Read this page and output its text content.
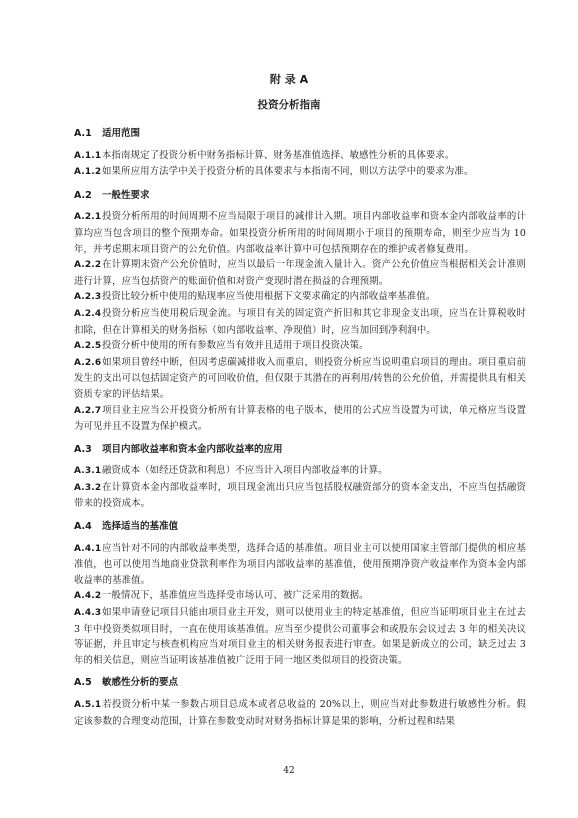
附 录 A
投资分析指南
A.1 适用范围

A.1.1本指南规定了投资分析中财务指标计算、财务基准值选择、敏感性分析的具体要求。

A.1.2如果所应用方法学中关于投资分析的具体要求与本指南不同，则以方法学中的要求为准。

A.2 一般性要求

A.2.1投资分析所用的时间周期不应当局限于项目的减排计入期。项目内部收益率和资本金内部收益率的计算均应当包含项目的整个预期寿命。如果投资分析所用的时间周期小于项目的预期寿命，则至少应当为 10 年，并考虑期末项目资产的公允价值。内部收益率计算中可包括预期存在的维护或者修复费用。

A.2.2在计算期末资产公允价值时，应当以最后一年现金流入量计入。资产公允价值应当根据相关会计准则进行计算，应当包括资产的账面价值和对资产变现时潜在损益的合理预期。

A.2.3投资比较分析中使用的贴现率应当使用根据下文要求确定的内部收益率基准值。

A.2.4投资分析应当使用税后现金流。与项目有关的固定资产折旧和其它非现金支出项，应当在计算税收时扣除，但在计算相关的财务指标（如内部收益率、净现值）时，应当加回到净利润中。

A.2.5投资分析中使用的所有参数应当有效并且适用于项目投资决策。

A.2.6如果项目曾经中断，但因考虑碳减排收入而重启，则投资分析应当说明重启项目的理由。项目重启前发生的支出可以包括固定资产的可回收价值，但仅限于其潜在的再利用/转售的公允价值，并需提供具有相关资质专家的评估结果。

A.2.7项目业主应当公开投资分析所有计算表格的电子版本，使用的公式应当设置为可读，单元格应当设置为可见并且不设置为保护模式。

A.3 项目内部收益率和资本金内部收益率的应用

A.3.1融资成本（如经还贷款和利息）不应当计入项目内部收益率的计算。

A.3.2在计算资本金内部收益率时，项目现金流出只应当包括股权融资部分的资本金支出，不应当包括融资带来的投资成本。

A.4 选择适当的基准值

A.4.1应当针对不同的内部收益率类型，选择合适的基准值。项目业主可以使用国家主管部门提供的相应基准值，也可以使用当地商业贷款利率作为项目内部收益率的基准值，使用预期净资产收益率作为资本金内部收益率的基准值。

A.4.2一般情况下，基准值应当选择受市场认可、被广泛采用的数据。

A.4.3如果申请登记项目只能由项目业主开发，则可以使用业主的特定基准值，但应当证明项目业主在过去 3 年中投资类似项目时，一直在使用该基准值。应当至少提供公司董事会和或股东会议过去 3 年的相关决议等证据，并且审定与核查机构应当对项目业主的相关财务报表进行审查。如果是新成立的公司，缺乏过去 3 年的相关信息，则应当证明该基准值被广泛用于同一地区类似项目的投资决策。

A.5 敏感性分析的要点

A.5.1若投资分析中某一参数占项目总成本或者总收益的 20%以上，则应当对此参数进行敏感性分析。假定该参数的合理变动范围，计算在参数变动时对财务指标计算是果的影响，分析过程和结果

42
